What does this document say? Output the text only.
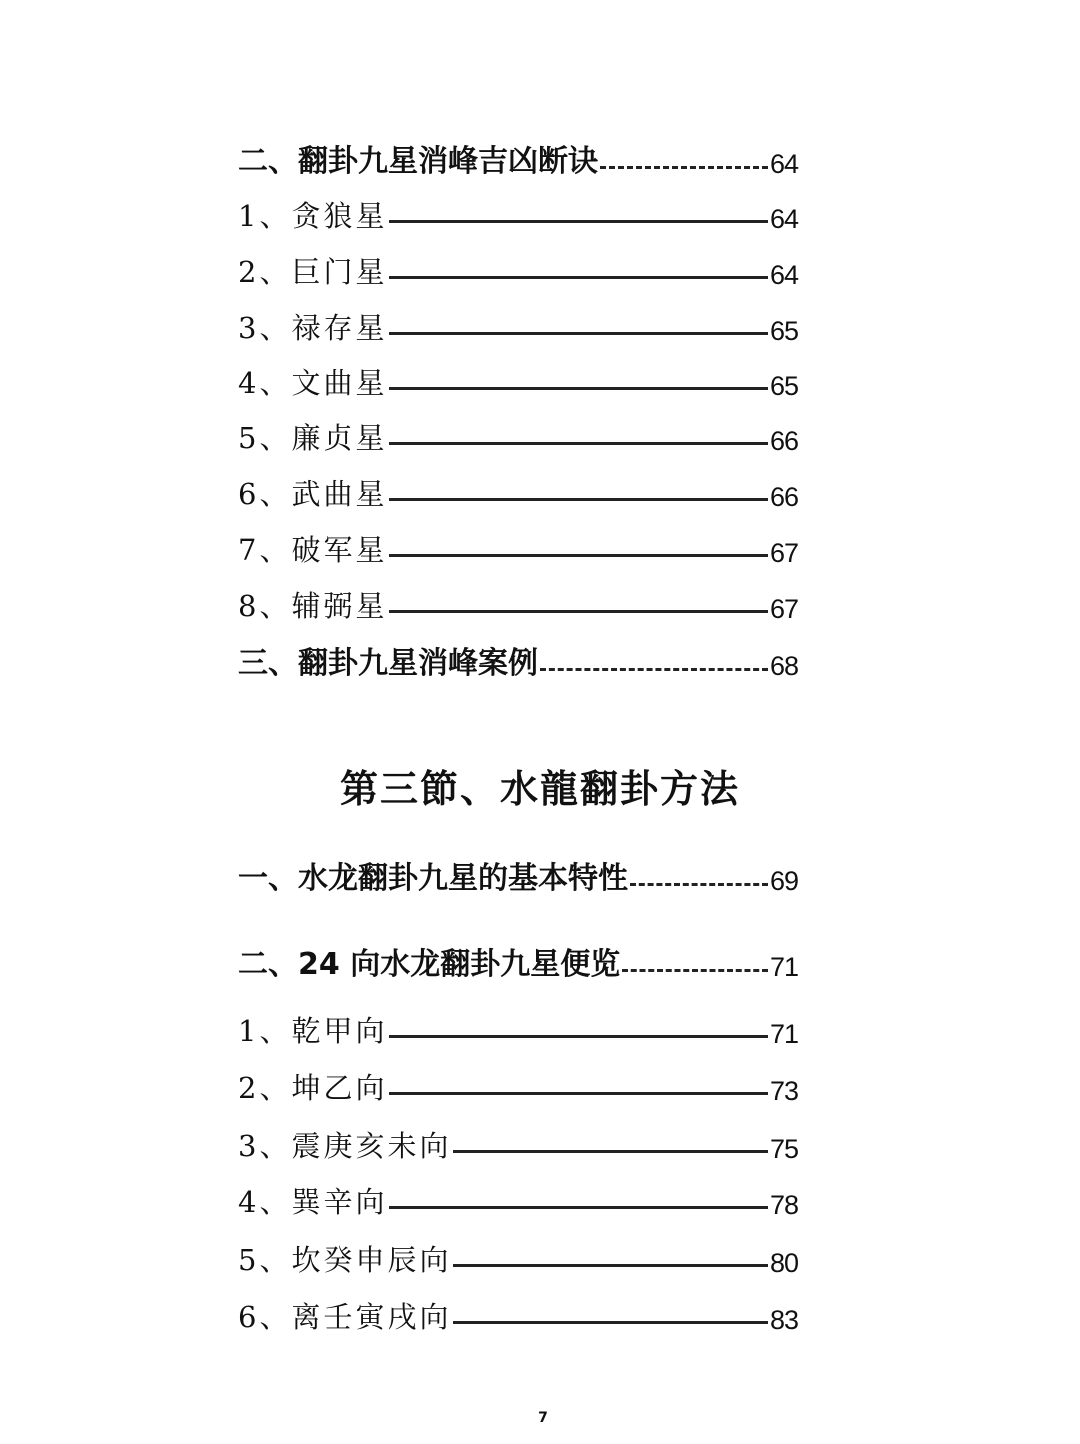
二、翻卦九星消峰吉凶断诀	64
1、贪狼星	64
2、巨门星	64
3、禄存星	65
4、文曲星	65
5、廉贞星	66
6、武曲星	66
7、破军星	67
8、辅弼星	67
三、翻卦九星消峰案例	68
第三節、水龍翻卦方法
一、水龙翻卦九星的基本特性	69
二、24 向水龙翻卦九星便览	71
1、乾甲向	71
2、坤乙向	73
3、震庚亥未向	75
4、巽辛向	78
5、坎癸申辰向	80
6、离壬寅戌向	83
7
